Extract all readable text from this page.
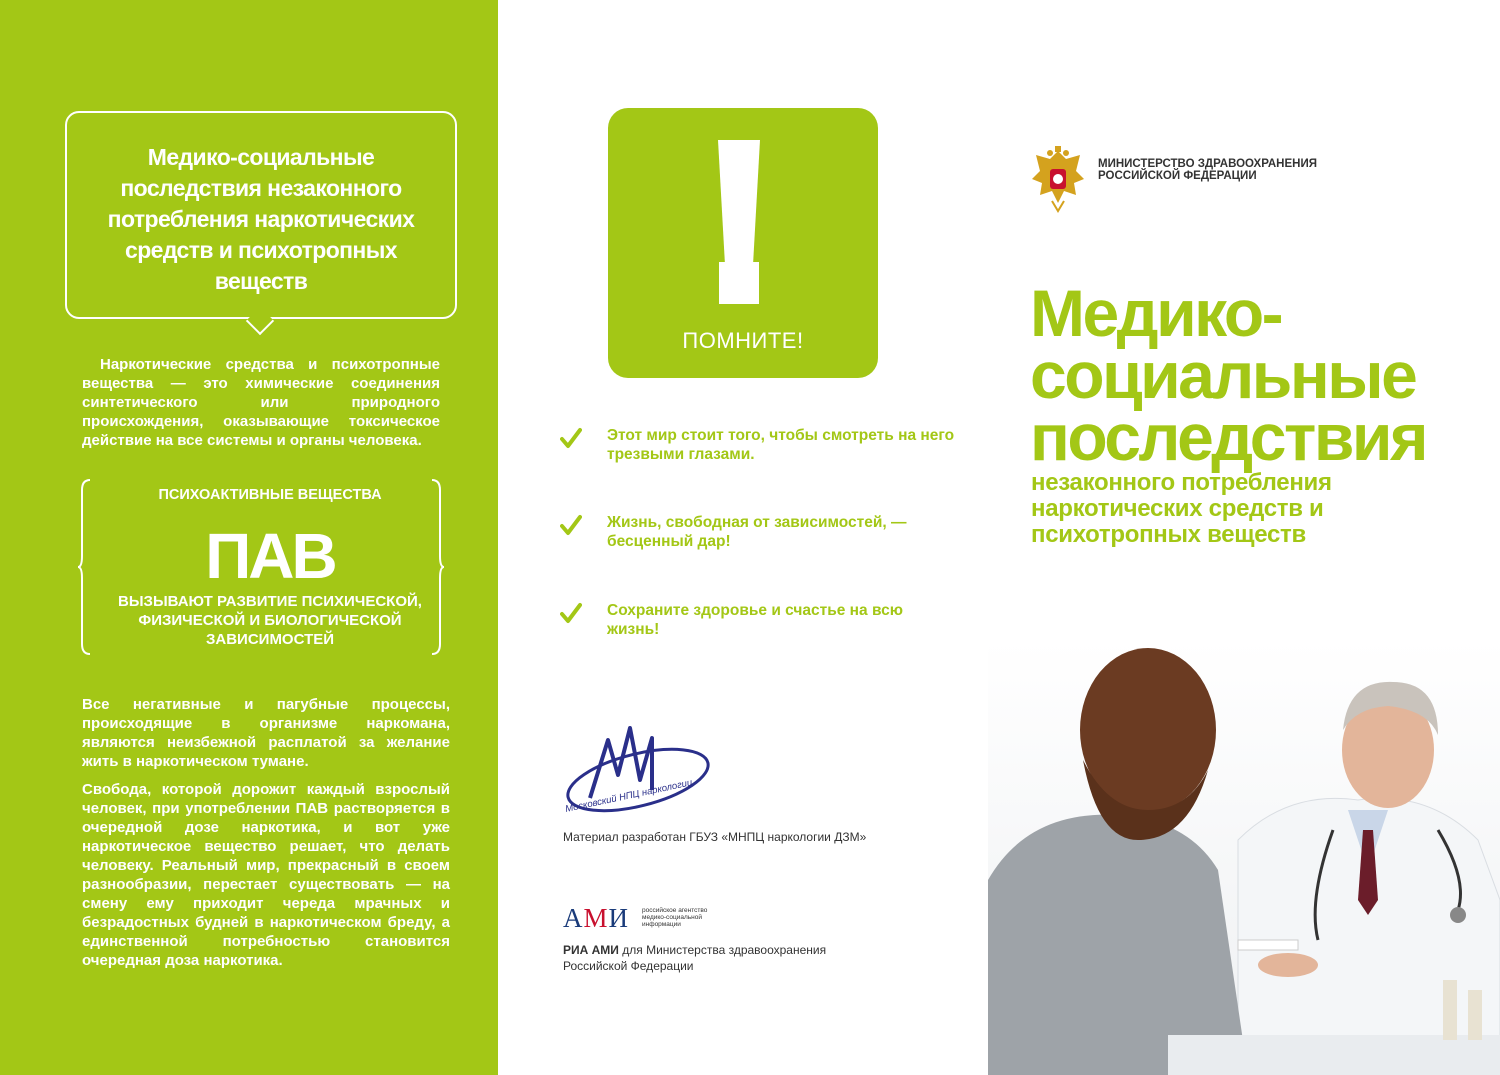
Медико-социальные последствия незаконного потребления наркотических средств и психотропных веществ
Наркотические средства и психотропные вещества — это химические соединения синтетического или природного происхождения, оказывающие токсическое действие на все системы и органы человека.
ПСИХОАКТИВНЫЕ ВЕЩЕСТВА
ПАВ
ВЫЗЫВАЮТ РАЗВИТИЕ ПСИХИЧЕСКОЙ, ФИЗИЧЕСКОЙ И БИОЛОГИЧЕСКОЙ ЗАВИСИМОСТЕЙ
Все негативные и пагубные процессы, происходящие в организме наркомана, являются неизбежной расплатой за желание жить в наркотическом тумане.
Свобода, которой дорожит каждый взрослый человек, при употреблении ПАВ растворяется в очередной дозе наркотика, и вот уже наркотическое вещество решает, что делать человеку. Реальный мир, прекрасный в своем разнообразии, перестает существовать — на смену ему приходит череда мрачных и безрадостных будней в наркотическом бреду, а единственной потребностью становится очередная доза наркотика.
ПОМНИТЕ!
Этот мир стоит того, чтобы смотреть на него трезвыми глазами.
Жизнь, свободная от зависимостей, — бесценный дар!
Сохраните здоровье и счастье на всю жизнь!
Московский НПЦ наркологии
Материал разработан ГБУЗ «МНПЦ наркологии ДЗМ»
АМИ российское агентство медико-социальной информации
РИА АМИ для Министерства здравоохранения Российской Федерации
МИНИСТЕРСТВО ЗДРАВООХРАНЕНИЯ РОССИЙСКОЙ ФЕДЕРАЦИИ
Медико-социальные последствия
незаконного потребления наркотических средств и психотропных веществ
